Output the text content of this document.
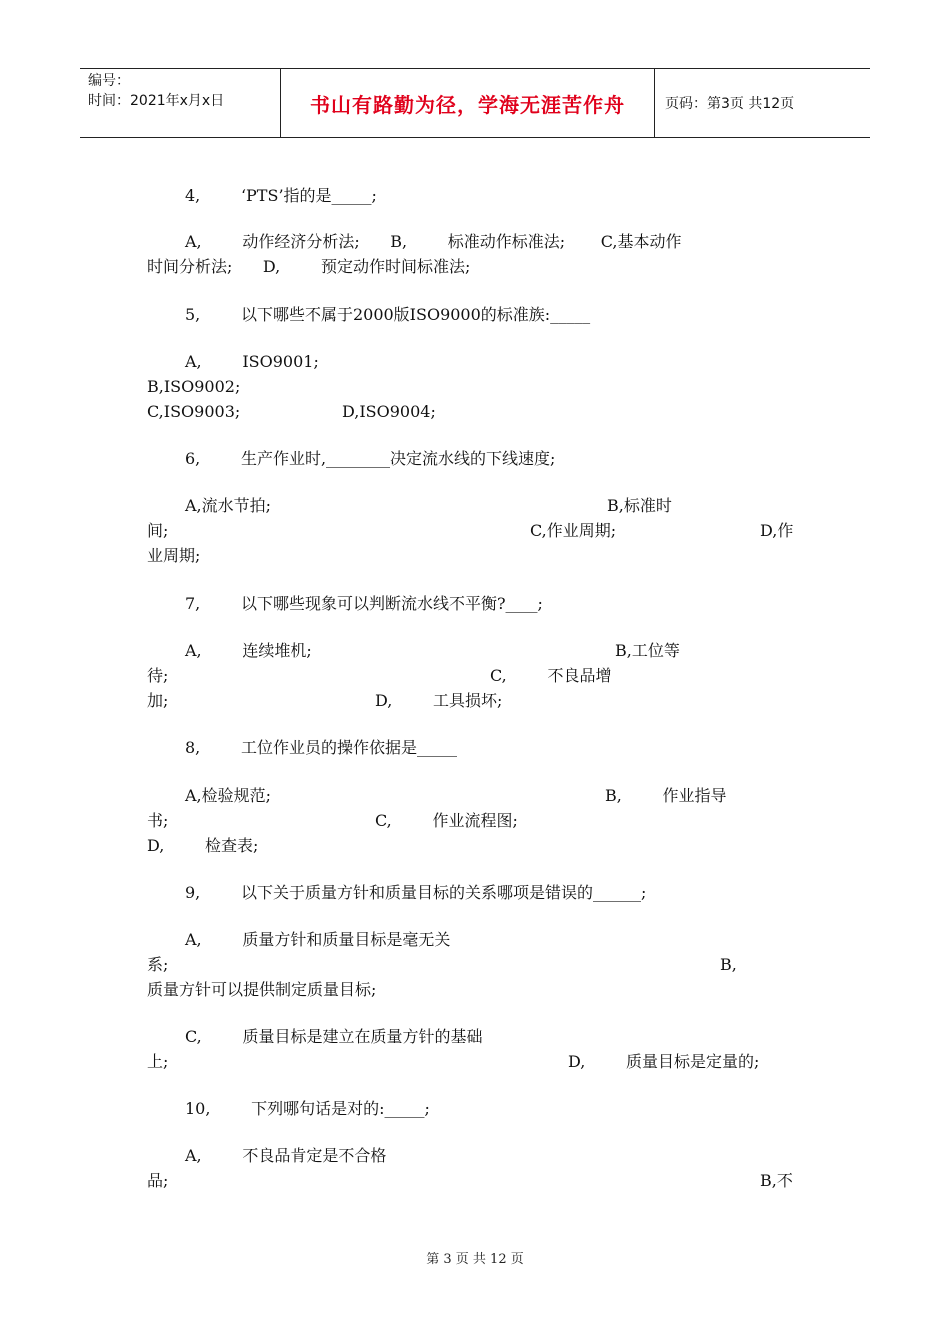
编号：
时间：2021年x月x日	书山有路勤为径，学海无涯苦作舟	页码：第3页 共12页
4,        ‘PTS’指的是_____;
A,        动作经济分析法;      B,        标准动作标准法;       C,基本动作
时间分析法;      D,        预定动作时间标准法;
5,        以下哪些不属于2000版ISO9000的标准族:_____
A,        ISO9001;
B,ISO9002;
C,ISO9003;                    D,ISO9004;
6,        生产作业时,________决定流水线的下线速度;
A,流水节拍;	B,标准时
间;	C,作业周期;	D,作
业周期;
7,        以下哪些现象可以判断流水线不平衡?____;
A,        连续堆机;	B,工位等
待;	C,        不良品增
加;	D,        工具损坏;
8,        工位作业员的操作依据是_____
A,检验规范;	B,        作业指导
书;	C,        作业流程图;
D,        检查表;
9,        以下关于质量方针和质量目标的关系哪项是错误的______;
A,        质量方针和质量目标是毫无关
系;	B,
质量方针可以提供制定质量目标;
C,        质量目标是建立在质量方针的基础
上;	D,        质量目标是定量的;
10,        下列哪句话是对的:_____;
A,        不良品肯定是不合格
品;	B,不
第 3 页 共 12 页
